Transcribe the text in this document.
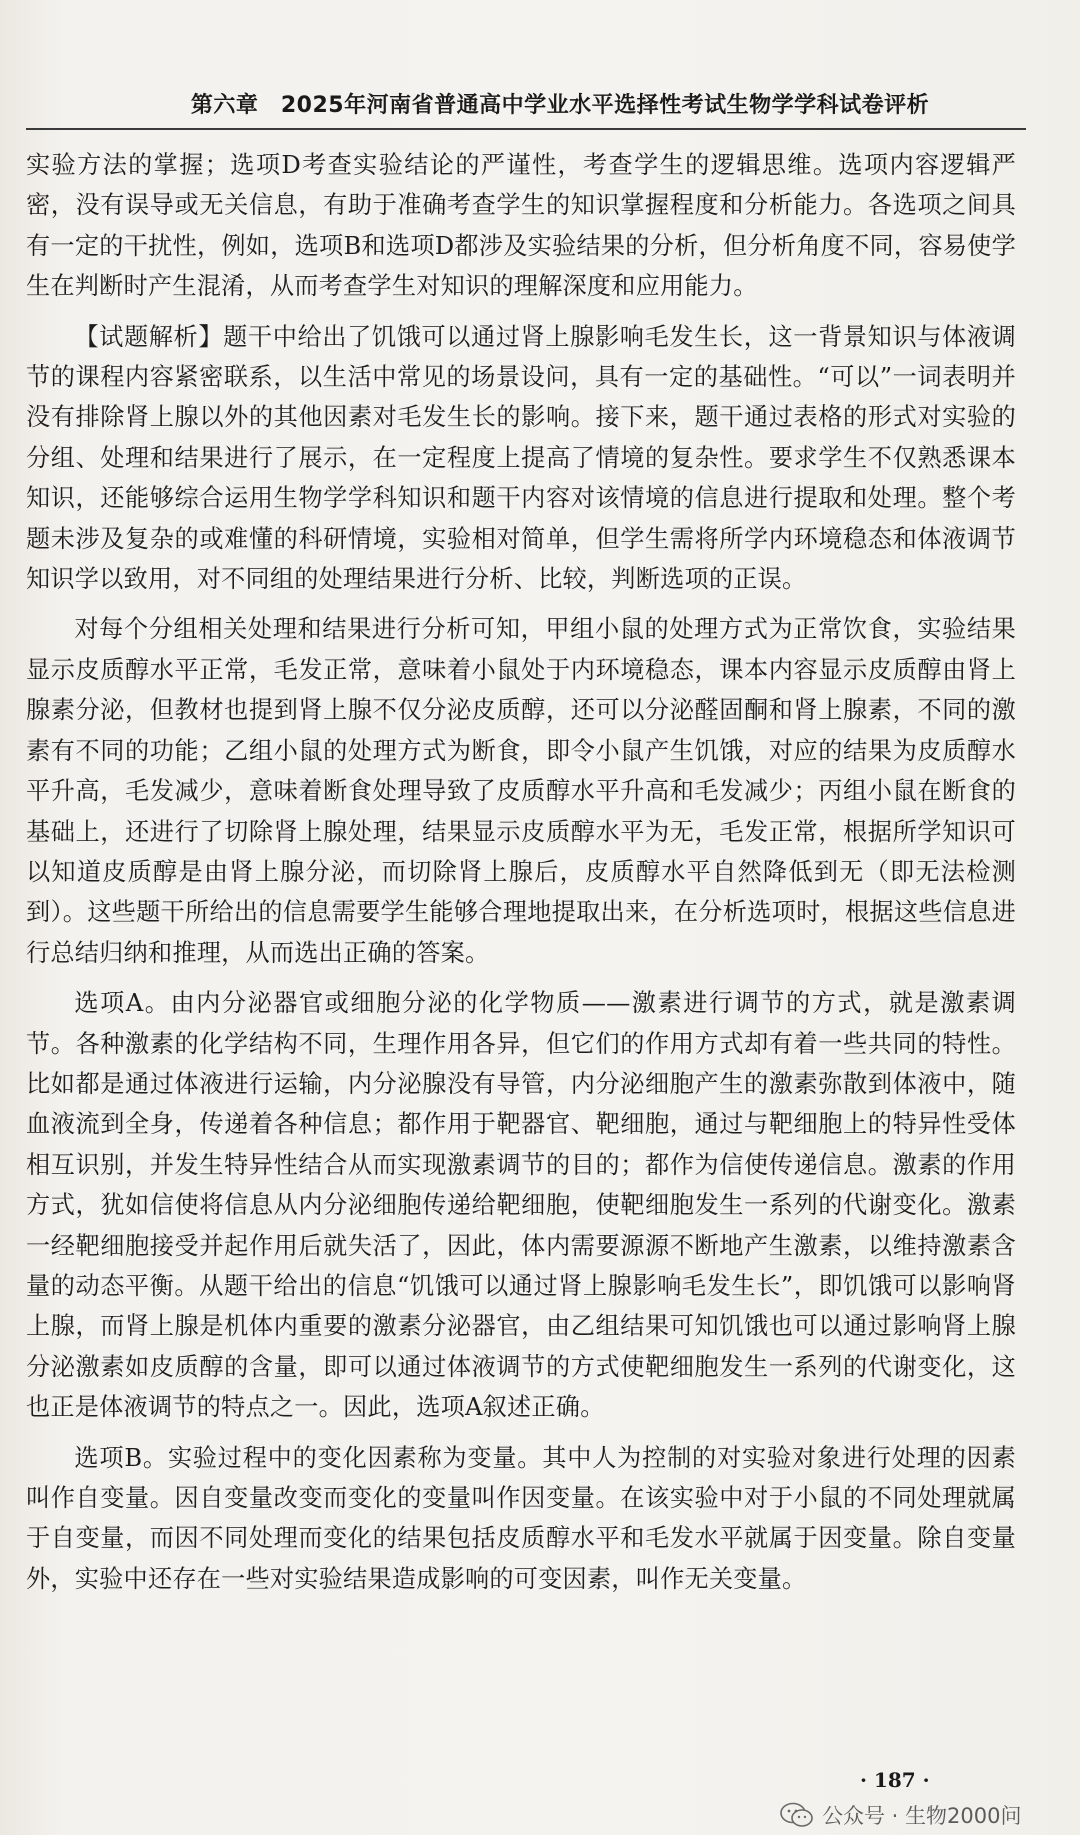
第六章　2025年河南省普通高中学业水平选择性考试生物学学科试卷评析

实验方法的掌握；选项D考查实验结论的严谨性，考查学生的逻辑思维。选项内容逻辑严密，没有误导或无关信息，有助于准确考查学生的知识掌握程度和分析能力。各选项之间具有一定的干扰性，例如，选项B和选项D都涉及实验结果的分析，但分析角度不同，容易使学生在判断时产生混淆，从而考查学生对知识的理解深度和应用能力。

【试题解析】题干中给出了饥饿可以通过肾上腺影响毛发生长，这一背景知识与体液调节的课程内容紧密联系，以生活中常见的场景设问，具有一定的基础性。“可以”一词表明并没有排除肾上腺以外的其他因素对毛发生长的影响。接下来，题干通过表格的形式对实验的分组、处理和结果进行了展示，在一定程度上提高了情境的复杂性。要求学生不仅熟悉课本知识，还能够综合运用生物学学科知识和题干内容对该情境的信息进行提取和处理。整个考题未涉及复杂的或难懂的科研情境，实验相对简单，但学生需将所学内环境稳态和体液调节知识学以致用，对不同组的处理结果进行分析、比较，判断选项的正误。

对每个分组相关处理和结果进行分析可知，甲组小鼠的处理方式为正常饮食，实验结果显示皮质醇水平正常，毛发正常，意味着小鼠处于内环境稳态，课本内容显示皮质醇由肾上腺素分泌，但教材也提到肾上腺不仅分泌皮质醇，还可以分泌醛固酮和肾上腺素，不同的激素有不同的功能；乙组小鼠的处理方式为断食，即令小鼠产生饥饿，对应的结果为皮质醇水平升高，毛发减少，意味着断食处理导致了皮质醇水平升高和毛发减少；丙组小鼠在断食的基础上，还进行了切除肾上腺处理，结果显示皮质醇水平为无，毛发正常，根据所学知识可以知道皮质醇是由肾上腺分泌，而切除肾上腺后，皮质醇水平自然降低到无（即无法检测到）。这些题干所给出的信息需要学生能够合理地提取出来，在分析选项时，根据这些信息进行总结归纳和推理，从而选出正确的答案。

选项A。由内分泌器官或细胞分泌的化学物质——激素进行调节的方式，就是激素调节。各种激素的化学结构不同，生理作用各异，但它们的作用方式却有着一些共同的特性。比如都是通过体液进行运输，内分泌腺没有导管，内分泌细胞产生的激素弥散到体液中，随血液流到全身，传递着各种信息；都作用于靶器官、靶细胞，通过与靶细胞上的特异性受体相互识别，并发生特异性结合从而实现激素调节的目的；都作为信使传递信息。激素的作用方式，犹如信使将信息从内分泌细胞传递给靶细胞，使靶细胞发生一系列的代谢变化。激素一经靶细胞接受并起作用后就失活了，因此，体内需要源源不断地产生激素，以维持激素含量的动态平衡。从题干给出的信息“饥饿可以通过肾上腺影响毛发生长”，即饥饿可以影响肾上腺，而肾上腺是机体内重要的激素分泌器官，由乙组结果可知饥饿也可以通过影响肾上腺分泌激素如皮质醇的含量，即可以通过体液调节的方式使靶细胞发生一系列的代谢变化，这也正是体液调节的特点之一。因此，选项A叙述正确。

选项B。实验过程中的变化因素称为变量。其中人为控制的对实验对象进行处理的因素叫作自变量。因自变量改变而变化的变量叫作因变量。在该实验中对于小鼠的不同处理就属于自变量，而因不同处理而变化的结果包括皮质醇水平和毛发水平就属于因变量。除自变量外，实验中还存在一些对实验结果造成影响的可变因素，叫作无关变量。

· 187 ·
公众号 · 生物2000问
